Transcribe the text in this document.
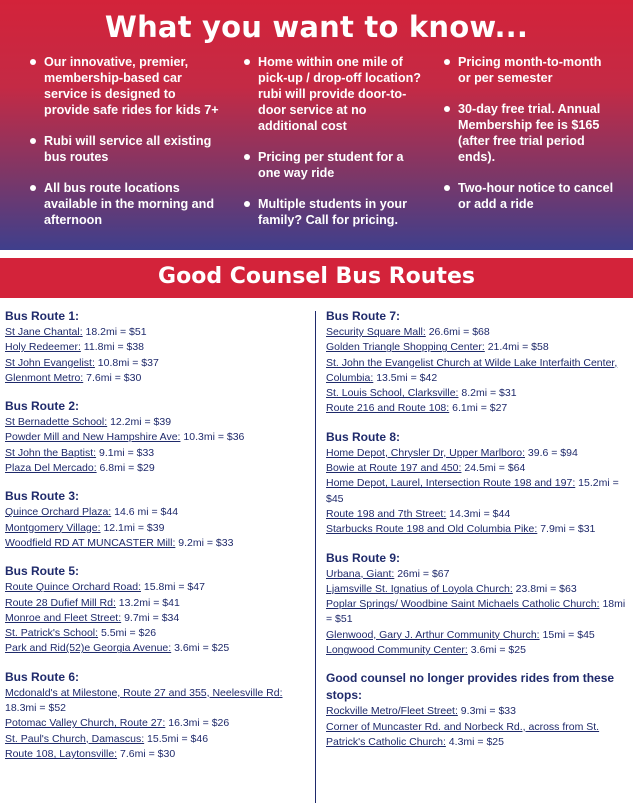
What you want to know...
Our innovative, premier, membership-based car service is designed to provide safe rides for kids 7+
Rubi will service all existing bus routes
All bus route locations available in the morning and afternoon
Home within one mile of pick-up / drop-off location? rubi will provide door-to-door service at no additional cost
Pricing per student for a one way ride
Multiple students in your family? Call for pricing.
Pricing month-to-month or per semester
30-day free trial. Annual Membership fee is $165 (after free trial period ends).
Two-hour notice to cancel or add a ride
Good Counsel Bus Routes
Bus Route 1:
St Jane Chantal: 18.2mi = $51
Holy Redeemer: 11.8mi = $38
St John Evangelist: 10.8mi = $37
Glenmont Metro: 7.6mi = $30
Bus Route 2:
St Bernadette School: 12.2mi = $39
Powder Mill and New Hampshire Ave: 10.3mi = $36
St John the Baptist: 9.1mi = $33
Plaza Del Mercado: 6.8mi = $29
Bus Route 3:
Quince Orchard Plaza: 14.6 mi = $44
Montgomery Village: 12.1mi = $39
Woodfield RD AT MUNCASTER Mill: 9.2mi = $33
Bus Route 5:
Route Quince Orchard Road: 15.8mi = $47
Route 28 Dufief Mill Rd: 13.2mi = $41
Monroe and Fleet Street: 9.7mi = $34
St. Patrick's School: 5.5mi = $26
Park and Rid(52)e Georgia Avenue: 3.6mi = $25
Bus Route 6:
Mcdonald's at Milestone, Route 27 and 355, Neelesville Rd: 18.3mi = $52
Potomac Valley Church, Route 27: 16.3mi = $26
St. Paul's Church, Damascus: 15.5mi = $46
Route 108, Laytonsville: 7.6mi = $30
Bus Route 7:
Security Square Mall: 26.6mi = $68
Golden Triangle Shopping Center: 21.4mi = $58
St. John the Evangelist Church at Wilde Lake Interfaith Center, Columbia: 13.5mi = $42
St. Louis School, Clarksville: 8.2mi = $31
Route 216 and Route 108: 6.1mi = $27
Bus Route 8:
Home Depot, Chrysler Dr, Upper Marlboro: 39.6 = $94
Bowie at Route 197 and 450: 24.5mi = $64
Home Depot, Laurel, Intersection Route 198 and 197: 15.2mi = $45
Route 198 and 7th Street: 14.3mi = $44
Starbucks Route 198 and Old Columbia Pike: 7.9mi = $31
Bus Route 9:
Urbana, Giant: 26mi = $67
Ljamsville St. Ignatius of Loyola Church: 23.8mi = $63
Poplar Springs/ Woodbine Saint Michaels Catholic Church: 18mi = $51
Glenwood, Gary J. Arthur Community Church: 15mi = $45
Longwood Community Center: 3.6mi = $25
Good counsel no longer provides rides from these stops:
Rockville Metro/Fleet Street: 9.3mi = $33
Corner of Muncaster Rd. and Norbeck Rd., across from St. Patrick's Catholic Church: 4.3mi = $25
